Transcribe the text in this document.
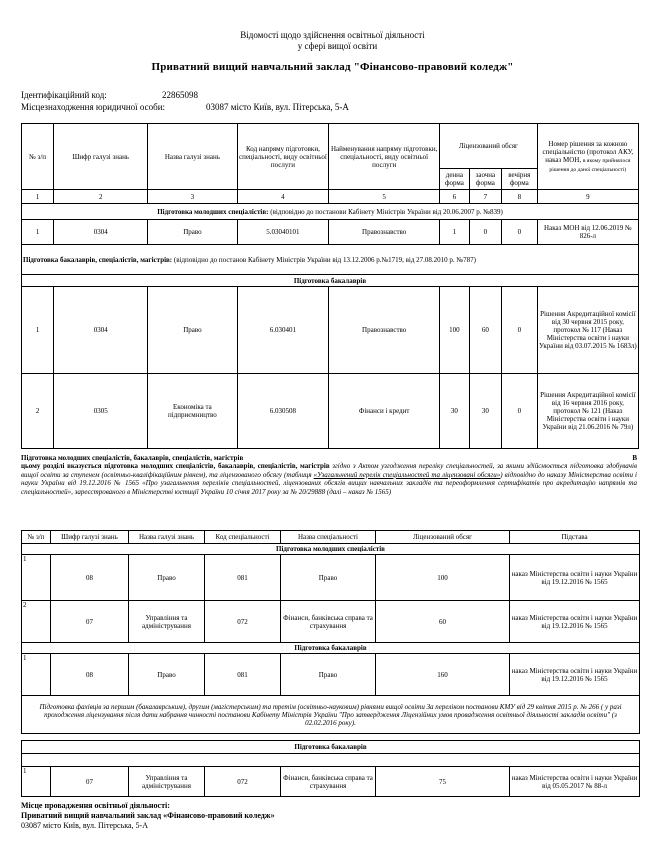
Відомості щодо здійснення освітньої діяльності
у сфері вищої освіти
Приватний вищий навчальний заклад "Фінансово-правовий коледж"
Ідентифікаційний код:	22865098
Місцезнаходження юридичної особи:	03087 місто Київ, вул. Пітерська, 5-А
№ з/п	Шифр галузі знань	Назва галузі знань	Код напряму підготовки, спеціальності, виду освітньої послуги	Найменування напряму підготовки, спеціальності, виду освітньої послуги	Ліцензований обсяг			Номер рішення за кожною спеціальністю (протокол АКУ, наказ МОН, в якому прийнялося рішення до даної спеціальності)
					денна форма	заочна форма	вечірня форма	
1	2	3	4	5	6	7	8	9
Підготовка молодших спеціалістів: (відповідно до постанови Кабінету Міністрів України від 20.06.2007 р. №839)								
1	0304	Право	5.03040101	Правознавство	1	0	0	Наказ МОН від 12.06.2019 № 826-л
Підготовка бакалаврів, спеціалістів, магістрів: (відповідно до постанов Кабінету Міністрів України від 13.12.2006 р.№1719, від 27.08.2010 р. №787)								
Підготовка бакалаврів								
1	0304	Право	6.030401	Правознавство	100	60	0	Рішення Акредитаційної комісії від 30 червня 2015 року, протокол № 117 (Наказ Міністерства освіти і науки України від 03.07.2015 № 1683л)
2	0305	Економіка та підприємництво	6.030508	Фінанси і кредит	30	30	0	Рішення Акредитаційної комісії від 16 червня 2016 року, протокол № 121 (Наказ Міністерства освіти і науки України від 21.06.2016 № 79л)
Підготовка молодших спеціалістів, бакалаврів, спеціалістів, магістрів	В
цьому розділі вказується підготовка молодших спеціалістів, бакалаврів, спеціалістів, магістрів згідно з Актом узгодження переліку спеціальностей, за якими здійснюється підготовка здобувачів вищої освіти за ступенем (освітньо-кваліфікаційним рівнем), та ліцензованого обсягу (таблиця «Узагальнений перелік спеціальностей та ліцензовані обсяги») відповідно до наказу Міністерства освіти і науки України від 19.12.2016 № 1565 «Про узагальнення переліків спеціальностей, ліцензованих обсягів вищих навчальних закладів та переоформлення сертифікатів про акредитацію напрямів та спеціальностей», зареєстрованого в Міністерстві юстиції України 10 січня 2017 року за № 20/29888 (далі – наказ № 1565)
№ з/п	Шифр галузі знань	Назва галузі знань	Код спеціальності	Назва спеціальності	Ліцензований обсяг	Підстава
Підготовка молодших спеціалістів						
1	08	Право	081	Право	100	наказ Міністерства освіти і науки України від 19.12.2016 № 1565
2	07	Управління та адміністрування	072	Фінанси, банківська справа та страхування	60	наказ Міністерства освіти і науки України від 19.12.2016 № 1565
Підготовка бакалаврів						
1	08	Право	081	Право	160	наказ Міністерства освіти і науки України від 19.12.2016 № 1565
Підготовка фахівців за першим (бакалаврським), другим (магістерським) та третім (освітньо-науковим) рівнями вищої освіти За переліком постанови КМУ від 29 квітня 2015 р. № 266 ( у разі проходження ліцензування після дати набрання чинності постанови Кабінету Міністрів України "Про затвердження Ліцензійних умов провадження освітньої діяльності закладів освіти" (з 02.02.2016 року).						
Підготовка бакалаврів

1	07	Управління та адміністрування	072	Фінанси, банківська справа та страхування	75	наказ Міністерства освіти і науки України від 05.05.2017 № 88-л
Місце провадження освітньої діяльності:
Приватний вищий навчальний заклад «Фінансово-правовий коледж»
03087 місто Київ, вул. Пітерська, 5-А
